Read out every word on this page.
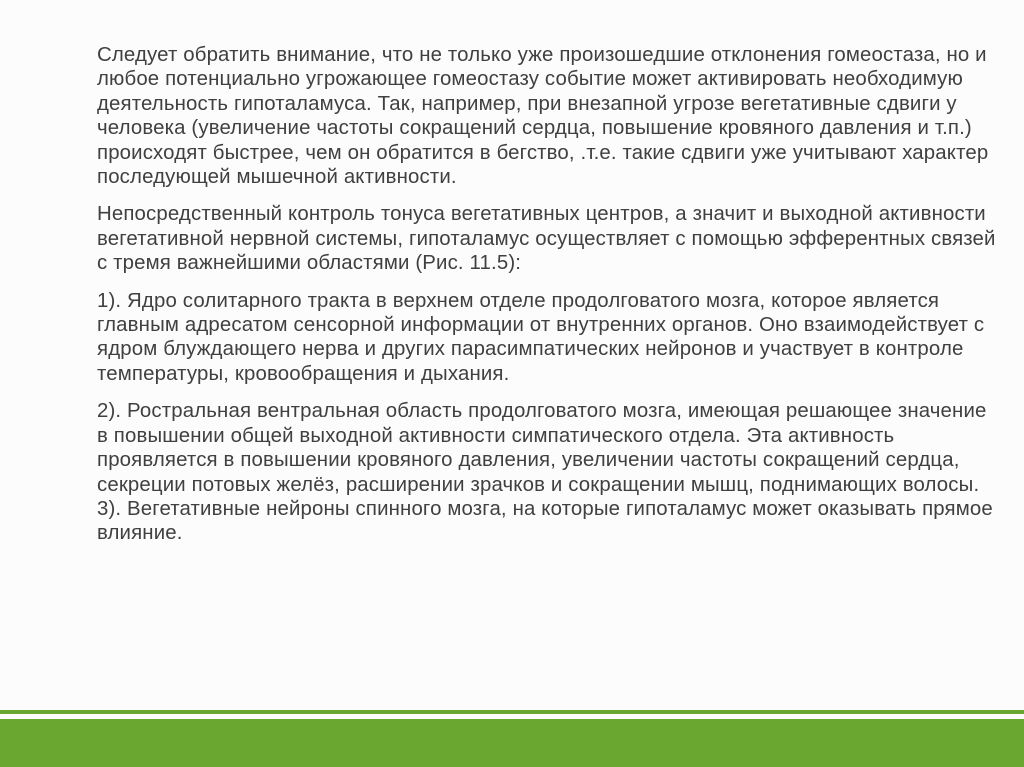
Следует обратить внимание, что не только уже произошедшие отклонения гомеостаза, но и любое потенциально угрожающее гомеостазу событие может активировать необходимую деятельность гипоталамуса. Так, например, при внезапной угрозе вегетативные сдвиги у человека (увеличение частоты сокращений сердца, повышение кровяного давления и т.п.) происходят быстрее, чем он обратится в бегство, .т.е. такие сдвиги уже учитывают характер последующей мышечной активности.

Непосредственный контроль тонуса вегетативных центров, а значит и выходной активности вегетативной нервной системы, гипоталамус осуществляет с помощью эфферентных связей с тремя важнейшими областями (Рис. 11.5):

1). Ядро солитарного тракта в верхнем отделе продолговатого мозга, которое является главным адресатом сенсорной информации от внутренних органов. Оно взаимодействует с ядром блуждающего нерва и других парасимпатических нейронов и участвует в контроле температуры, кровообращения и дыхания.

2). Ростральная вентральная область продолговатого мозга, имеющая решающее значение в повышении общей выходной активности симпатического отдела. Эта активность проявляется в повышении кровяного давления, увеличении частоты сокращений сердца, секреции потовых желёз, расширении зрачков и сокращении мышц, поднимающих волосы. 3). Вегетативные нейроны спинного мозга, на которые гипоталамус может оказывать прямое влияние.
